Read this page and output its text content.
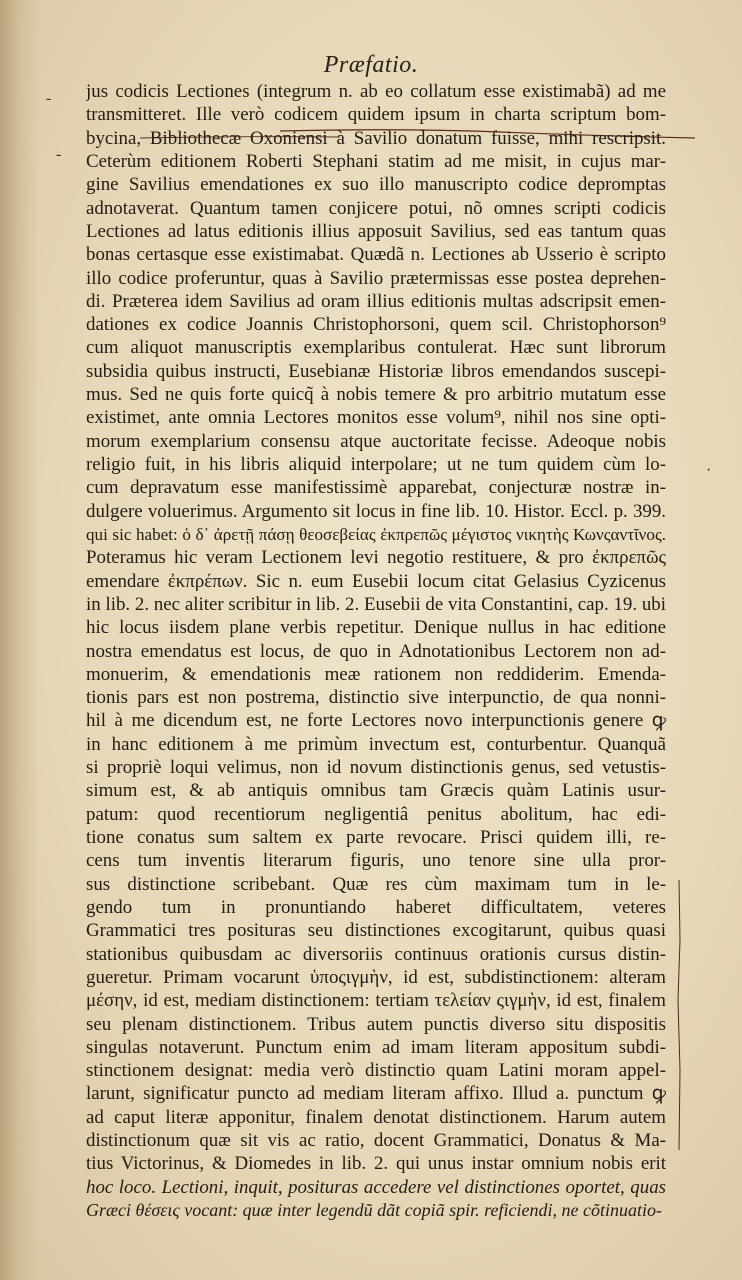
Præfatio.
-
-
·
jus codicis Lectiones (integrum n. ab eo collatum esse existimabã) ad me
transmitteret. Ille verò codicem quidem ipsum in charta scriptum bom-
bycina, Bibliothecæ Oxoniensi à Savilio donatum fuisse, mihi rescripsit.
Ceterùm editionem Roberti Stephani statim ad me misit, in cujus mar-
gine Savilius emendationes ex suo illo manuscripto codice depromptas
adnotaverat. Quantum tamen conjicere potui, nõ omnes scripti codicis
Lectiones ad latus editionis illius apposuit Savilius, sed eas tantum quas
bonas certasque esse existimabat. Quædã n. Lectiones ab Usserio è scripto
illo codice proferuntur, quas à Savilio prætermissas esse postea deprehen-
di. Præterea idem Savilius ad oram illius editionis multas adscripsit emen-
dationes ex codice Joannis Christophorsoni, quem scil. Christophorson⁹
cum aliquot manuscriptis exemplaribus contulerat. Hæc sunt librorum
subsidia quibus instructi, Eusebianæ Historiæ libros emendandos suscepi-
mus. Sed ne quis forte quicq̃ à nobis temere & pro arbitrio mutatum esse
existimet, ante omnia Lectores monitos esse volum⁹, nihil nos sine opti-
morum exemplarium consensu atque auctoritate fecisse. Adeoque nobis
religio fuit, in his libris aliquid interpolare; ut ne tum quidem cùm lo-
cum depravatum esse manifestissimè apparebat, conjecturæ nostræ in-
dulgere voluerimus. Argumento sit locus in fine lib. 10. Histor. Eccl. p. 399.
qui sic habet: ὁ δ᾽ ἀρετῇ πάσῃ θεοσεβείας ἐκπρεπῶς μέγιστος νικητὴς Κωνςαντῖνος.
Poteramus hic veram Lectionem levi negotio restituere, & pro ἐκπρεπῶς
emendare ἐκπρέπων. Sic n. eum Eusebii locum citat Gelasius Cyzicenus
in lib. 2. nec aliter scribitur in lib. 2. Eusebii de vita Constantini, cap. 19. ubi
hic locus iisdem plane verbis repetitur. Denique nullus in hac editione
nostra emendatus est locus, de quo in Adnotationibus Lectorem non ad-
monuerim, & emendationis meæ rationem non reddiderim. Emenda-
tionis pars est non postrema, distinctio sive interpunctio, de qua nonni-
hil à me dicendum est, ne forte Lectores novo interpunctionis genere ꝙ
in hanc editionem à me primùm invectum est, conturbentur. Quanquã
si propriè loqui velimus, non id novum distinctionis genus, sed vetustis-
simum est, & ab antiquis omnibus tam Græcis quàm Latinis usur-
patum: quod recentiorum negligentiâ penitus abolitum, hac edi-
tione conatus sum saltem ex parte revocare. Prisci quidem illi, re-
cens tum inventis literarum figuris, uno tenore sine ulla pror-
sus distinctione scribebant. Quæ res cùm maximam tum in le-
gendo tum in pronuntiando haberet difficultatem, veteres
Grammatici tres posituras seu distinctiones excogitarunt, quibus quasi
stationibus quibusdam ac diversoriis continuus orationis cursus distin-
gueretur. Primam vocarunt ὑποςιγμὴν, id est, subdistinctionem: alteram
μέσην, id est, mediam distinctionem: tertiam τελείαν ςιγμὴν, id est, finalem
seu plenam distinctionem. Tribus autem punctis diverso situ dispositis
singulas notaverunt. Punctum enim ad imam literam appositum subdi-
stinctionem designat: media verò distinctio quam Latini moram appel-
larunt, significatur puncto ad mediam literam affixo. Illud a. punctum ꝙ
ad caput literæ apponitur, finalem denotat distinctionem. Harum autem
distinctionum quæ sit vis ac ratio, docent Grammatici, Donatus & Ma-
tius Victorinus, & Diomedes in lib. 2. qui unus instar omnium nobis erit
hoc loco. Lectioni, inquit, posituras accedere vel distinctiones oportet, quas
Græci θέσεις vocant: quæ inter legendũ dãt copiã spir. reficiendi, ne cõtinuatio-
